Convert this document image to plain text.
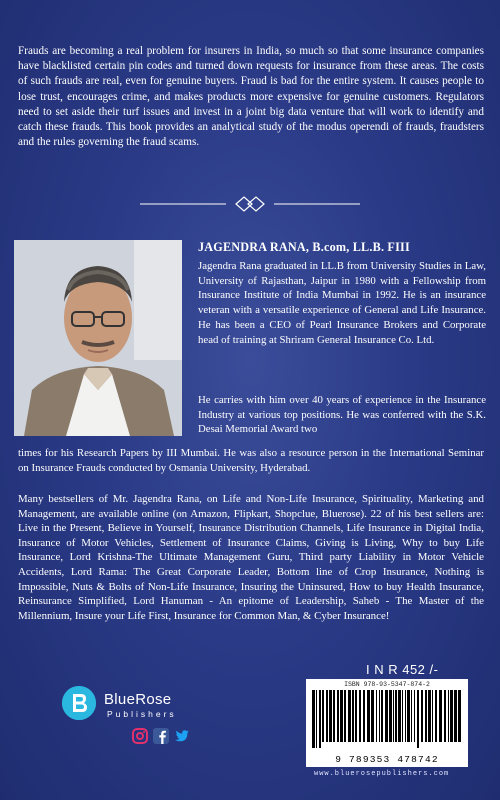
Frauds are becoming a real problem for insurers in India, so much so that some insurance companies have blacklisted certain pin codes and turned down requests for insurance from these areas. The costs of such frauds are real, even for genuine buyers. Fraud is bad for the entire system. It causes people to lose trust, encourages crime, and makes products more expensive for genuine customers. Regulators need to set aside their turf issues and invest in a joint big data venture that will work to identify and catch these frauds. This book provides an analytical study of the modus operendi of frauds, fraudsters and the rules governing the fraud scams.

JAGENDRA RANA, B.com, LL.B. FIII

Jagendra Rana graduated in LL.B from University Studies in Law, University of Rajasthan, Jaipur in 1980 with a Fellowship from Insurance Institute of India Mumbai in 1992. He is an insurance veteran with a versatile experience of General and Life Insurance. He has been a CEO of Pearl Insurance Brokers and Corporate head of training at Shriram General Insurance Co. Ltd.

He carries with him over 40 years of experience in the Insurance Industry at various top positions. He was conferred with the S.K. Desai Memorial Award two

times for his Research Papers by III Mumbai. He was also a resource person in the International Seminar on Insurance Frauds conducted by Osmania University, Hyderabad.

Many bestsellers of Mr. Jagendra Rana, on Life and Non-Life Insurance, Spirituality, Marketing and Management, are available online (on Amazon, Flipkart, Shopclue, Bluerose). 22 of his best sellers are: Live in the Present, Believe in Yourself, Insurance Distribution Channels, Life Insurance in Digital India, Insurance of Motor Vehicles, Settlement of Insurance Claims, Giving is Living, Why to buy Life Insurance, Lord Krishna-The Ultimate Management Guru, Third party Liability in Motor Vehicle Accidents, Lord Rama: The Great Corporate Leader, Bottom line of Crop Insurance, Nothing is Impossible, Nuts & Bolts of Non-Life Insurance, Insuring the Uninsured, How to buy Health Insurance, Reinsurance Simplified, Lord Hanuman - An epitome of Leadership, Saheb - The Master of the Millennium, Insure your Life First, Insurance for Common Man, & Cyber Insurance!

I N R 452 /-
ISBN 978-93-5347-874-2
9 789353 478742
www.bluerosepublishers.com
BlueRose
Publishers
